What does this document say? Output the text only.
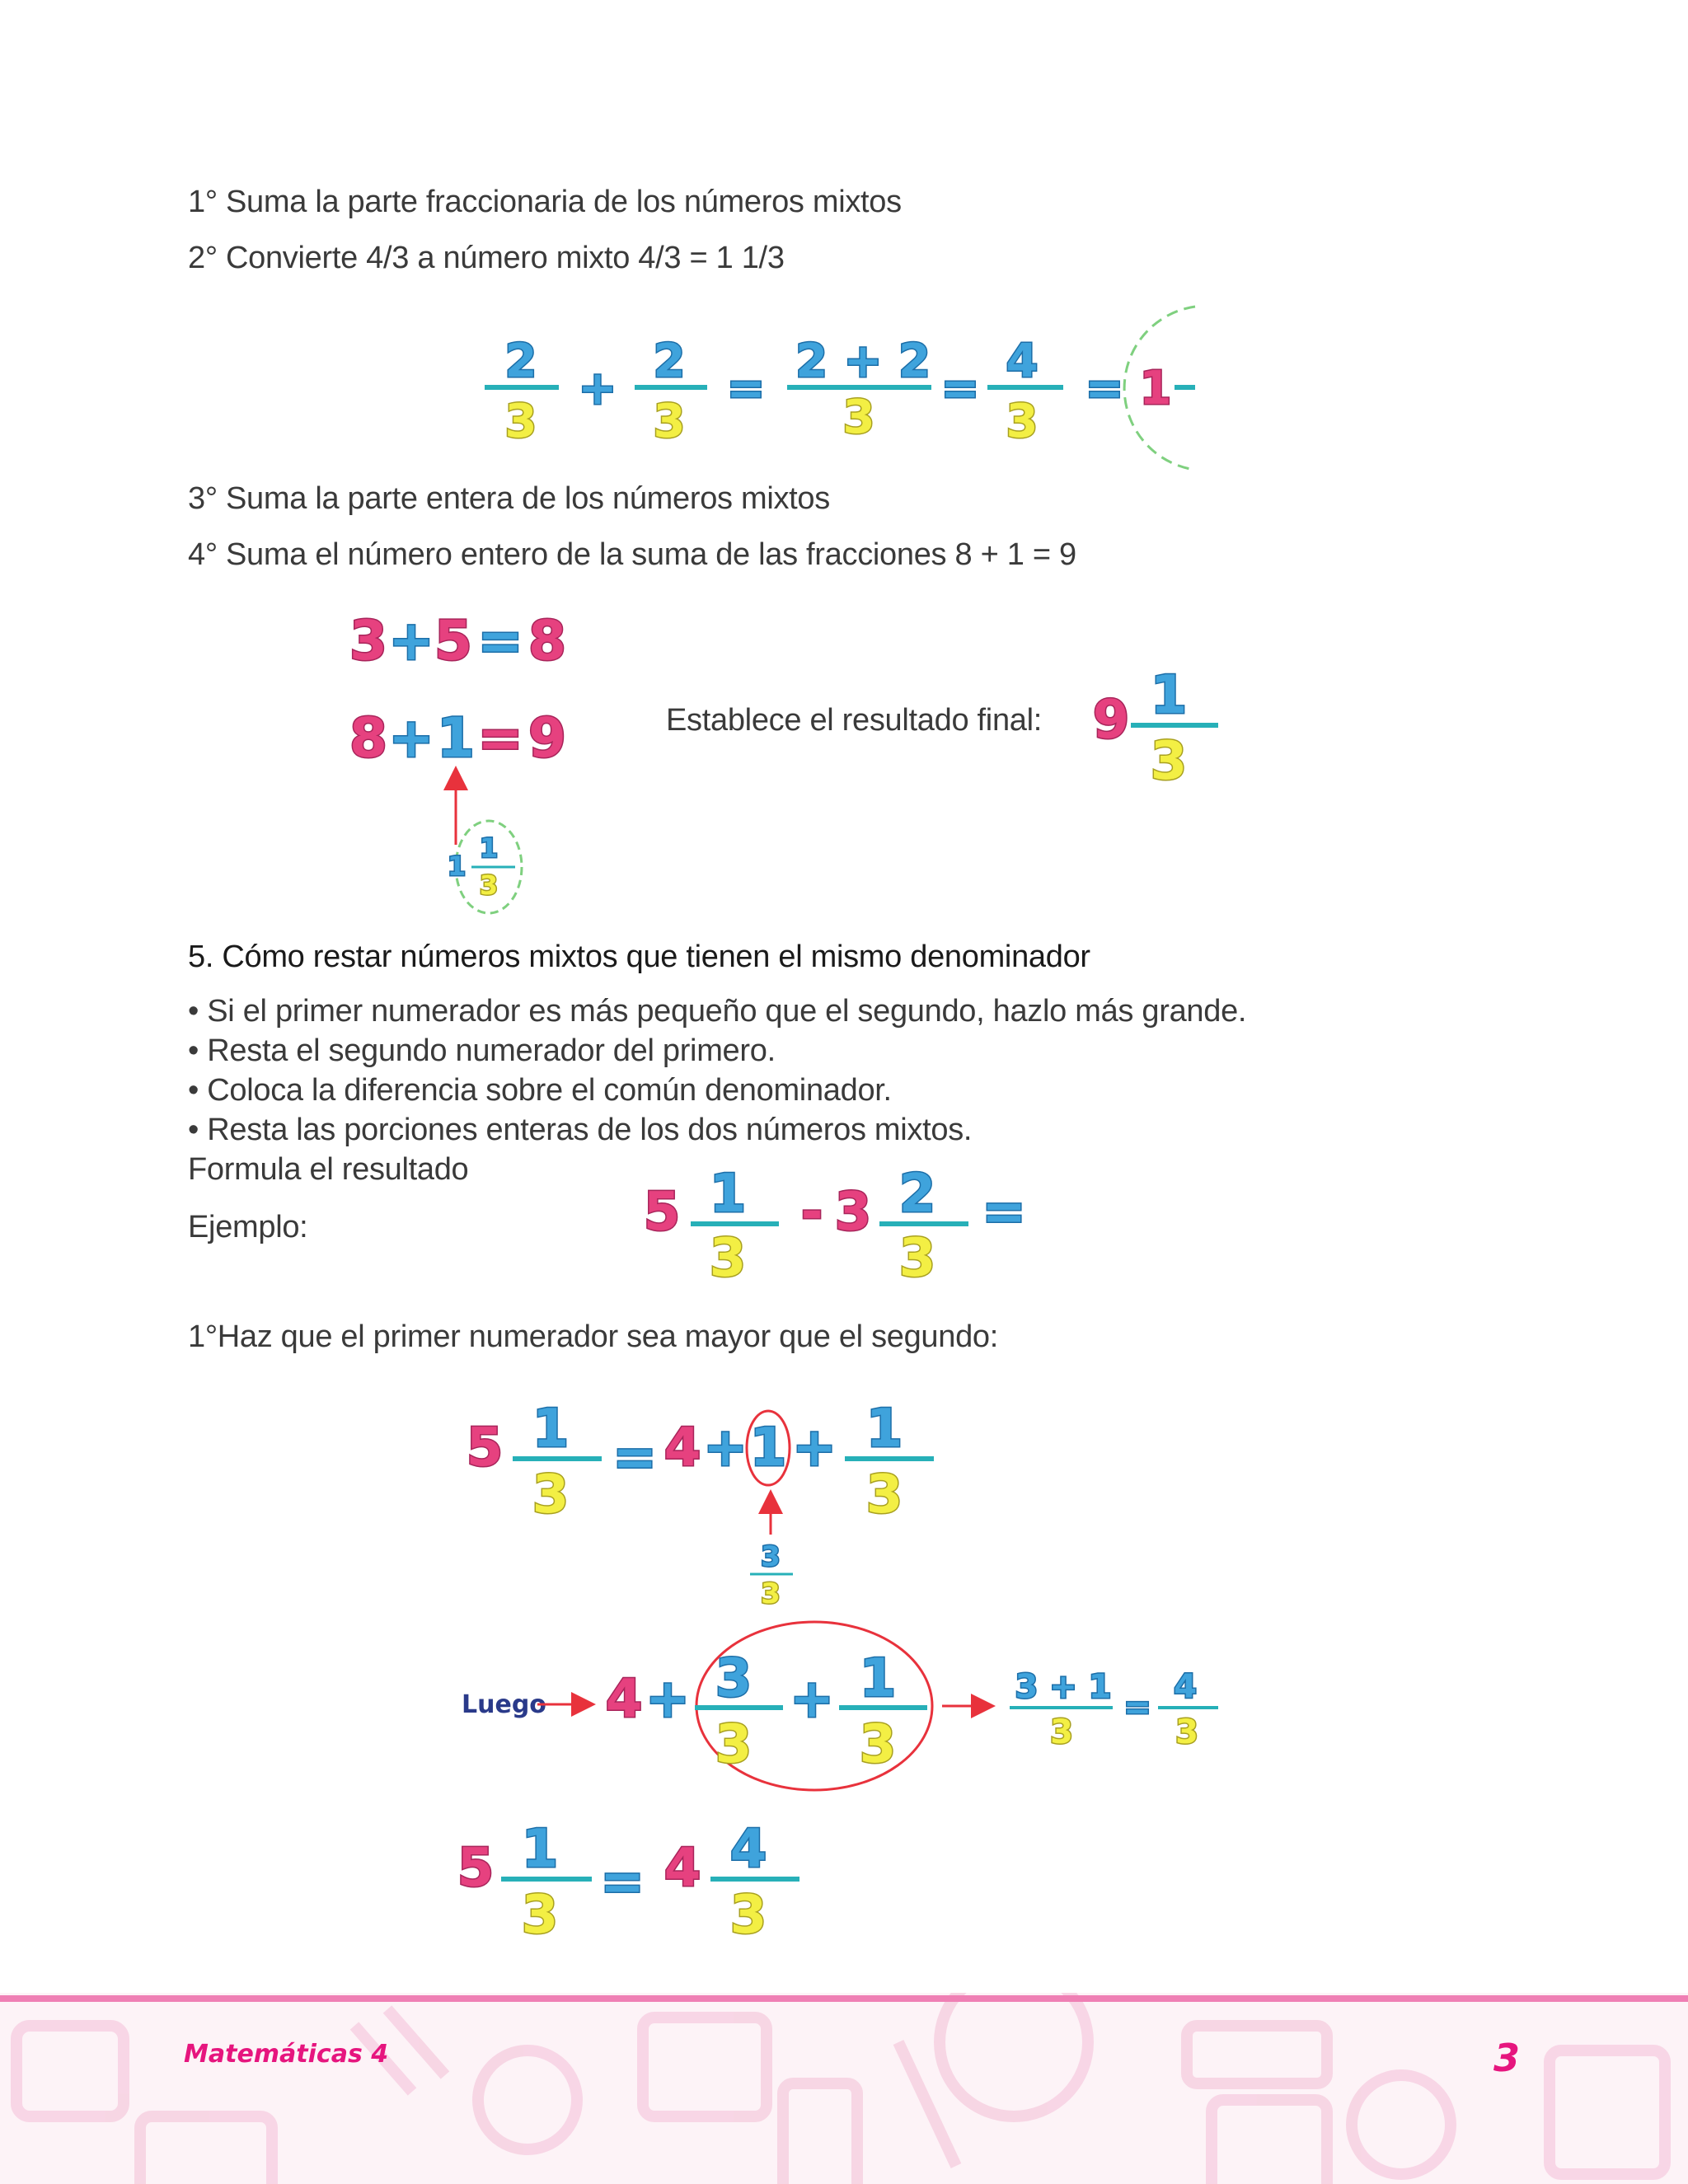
1° Suma la parte fraccionaria de los números mixtos
2° Convierte 4/3 a número mixto 4/3 = 1 1/3
3° Suma la parte entera de los números mixtos
4° Suma el número entero de la suma de las fracciones 8 + 1 = 9
Establece el resultado final:
5. Cómo restar números mixtos que tienen el mismo denominador
• Si el primer numerador es más pequeño que el segundo, hazlo más grande.
• Resta el segundo numerador del primero.
• Coloca la diferencia sobre el común denominador.
• Resta las porciones enteras de los dos números mixtos.
Formula el resultado
Ejemplo:
1°Haz que el primer numerador sea mayor que el segundo:
2
3
+
2
3
=
2 + 2
3
=
4
3
= 1
3 + 5 = 8
8 + 1 = 9
1
1
3
9 1
3
5 1
3
- 3 2
3
=
5 1
3
= 4 + 1 + 1
3
3
3
Luego 4 + 3
3
+ 1
3
3 + 1
3
=
4
3
5 1
3
= 4 4
3
Matemáticas 4	3
